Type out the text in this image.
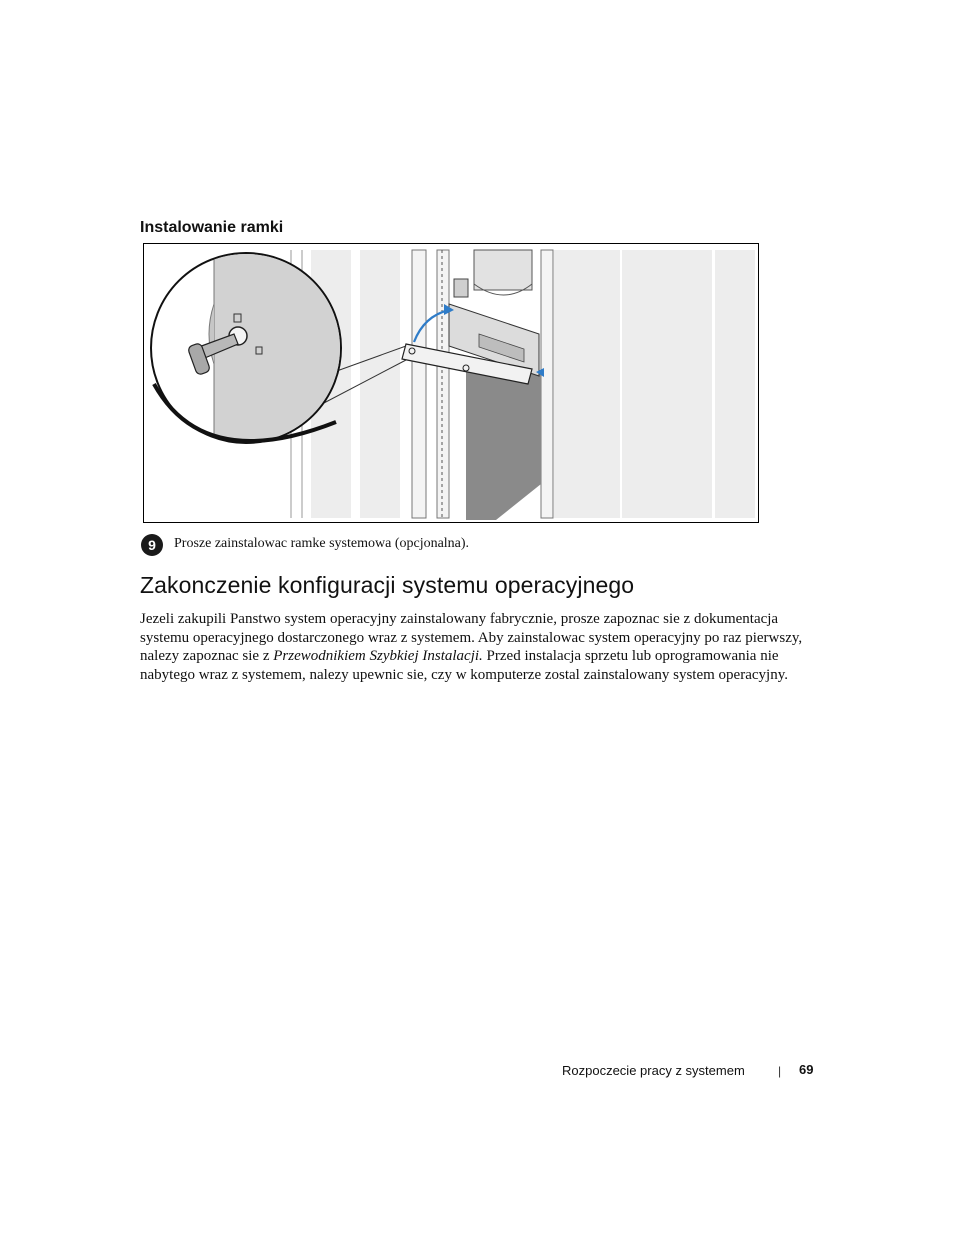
Instalowanie ramki
9	Prosze zainstalowac ramke systemowa (opcjonalna).
Zakonczenie konfiguracji systemu operacyjnego

Jezeli zakupili Panstwo system operacyjny zainstalowany fabrycznie, prosze zapoznac sie z dokumentacja systemu operacyjnego dostarczonego wraz z systemem. Aby zainstalowac system operacyjny po raz pierwszy, nalezy zapoznac sie z Przewodnikiem Szybkiej Instalacji. Przed instalacja sprzetu lub oprogramowania nie nabytego wraz z systemem, nalezy upewnic sie, czy w komputerze zostal zainstalowany system operacyjny.

Rozpoczecie pracy z systemem	| 69
